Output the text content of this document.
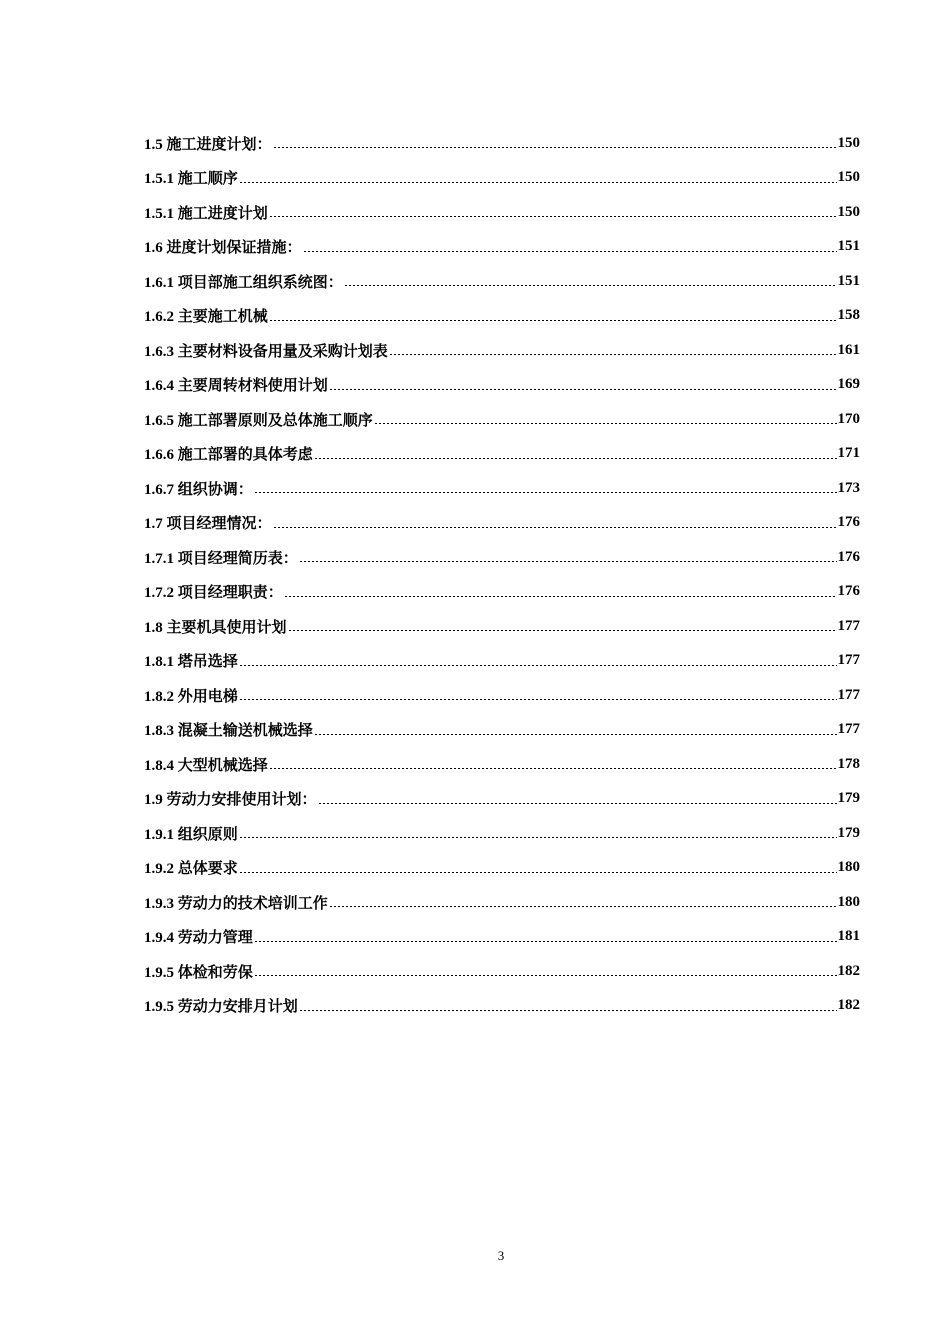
1.5 施工进度计划：	150
1.5.1 施工顺序	150
1.5.1 施工进度计划	150
1.6 进度计划保证措施：	151
1.6.1 项目部施工组织系统图：	151
1.6.2 主要施工机械	158
1.6.3 主要材料设备用量及采购计划表	161
1.6.4 主要周转材料使用计划	169
1.6.5 施工部署原则及总体施工顺序	170
1.6.6 施工部署的具体考虑	171
1.6.7 组织协调：	173
1.7 项目经理情况：	176
1.7.1 项目经理简历表：	176
1.7.2 项目经理职责：	176
1.8 主要机具使用计划	177
1.8.1 塔吊选择	177
1.8.2 外用电梯	177
1.8.3 混凝土输送机械选择	177
1.8.4 大型机械选择	178
1.9 劳动力安排使用计划：	179
1.9.1 组织原则	179
1.9.2 总体要求	180
1.9.3 劳动力的技术培训工作	180
1.9.4 劳动力管理	181
1.9.5 体检和劳保	182
1.9.5 劳动力安排月计划	182
3
